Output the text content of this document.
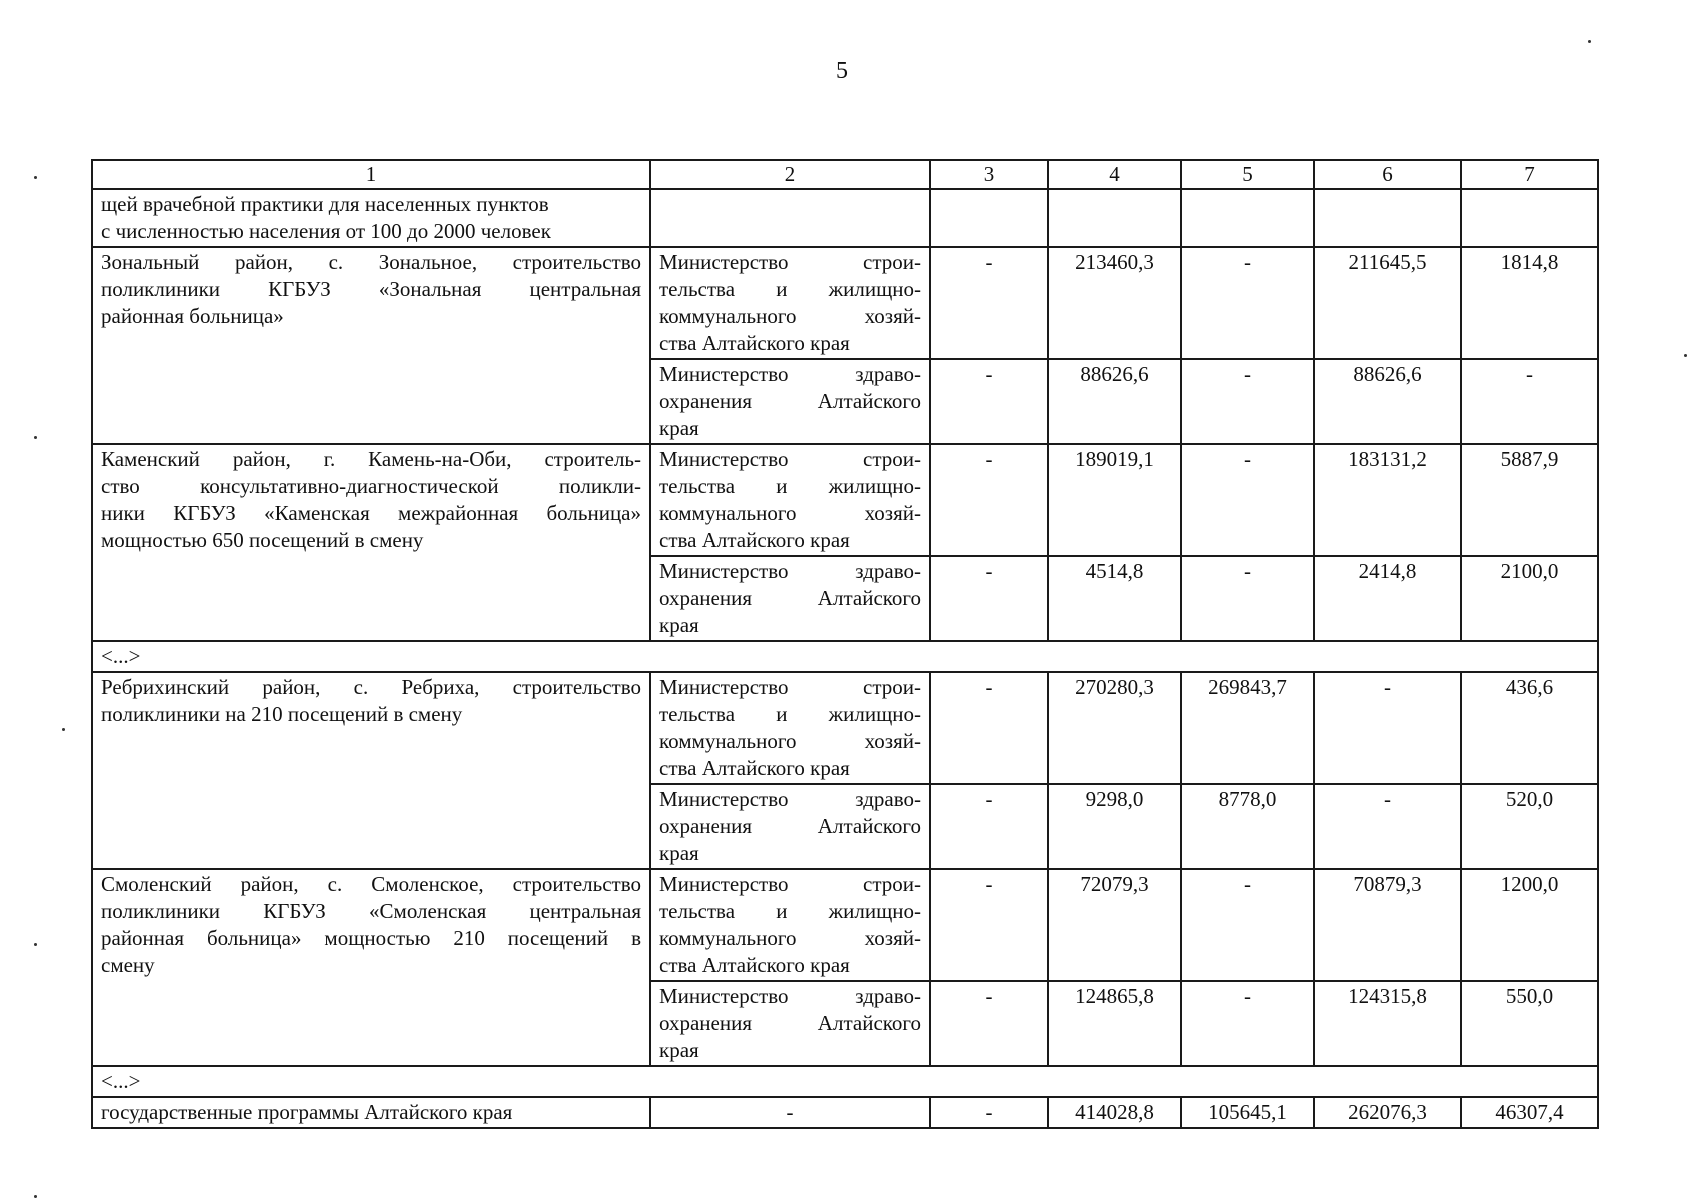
5
1	2	3	4	5	6	7

щей врачебной практики для населенных пунктов
с численностью населения от 100 до 2000 человек						

Зональный район, с. Зональное, строительство
поликлиники КГБУЗ «Зональная центральная
районная больница»	Министерство строи-
тельства и жилищно-
коммунального хозяй-
ства Алтайского края	-	213460,3	-	211645,5	1814,8

	Министерство здраво-
охранения Алтайского
края	-	88626,6	-	88626,6	-

Каменский район, г. Камень-на-Оби, строитель-
ство консультативно-диагностической поликли-
ники КГБУЗ «Каменская межрайонная больница»
мощностью 650 посещений в смену	Министерство строи-
тельства и жилищно-
коммунального хозяй-
ства Алтайского края	-	189019,1	-	183131,2	5887,9

	Министерство здраво-
охранения Алтайского
края	-	4514,8	-	2414,8	2100,0
<...>						

Ребрихинский район, с. Ребриха, строительство
поликлиники на 210 посещений в смену	Министерство строи-
тельства и жилищно-
коммунального хозяй-
ства Алтайского края	-	270280,3	269843,7	-	436,6

	Министерство здраво-
охранения Алтайского
края	-	9298,0	8778,0	-	520,0

Смоленский район, с. Смоленское, строительство
поликлиники КГБУЗ «Смоленская центральная
районная больница» мощностью 210 посещений в
смену	Министерство строи-
тельства и жилищно-
коммунального хозяй-
ства Алтайского края	-	72079,3	-	70879,3	1200,0

	Министерство здраво-
охранения Алтайского
края	-	124865,8	-	124315,8	550,0
<...>						
государственные программы Алтайского края	-	-	414028,8	105645,1	262076,3	46307,4
